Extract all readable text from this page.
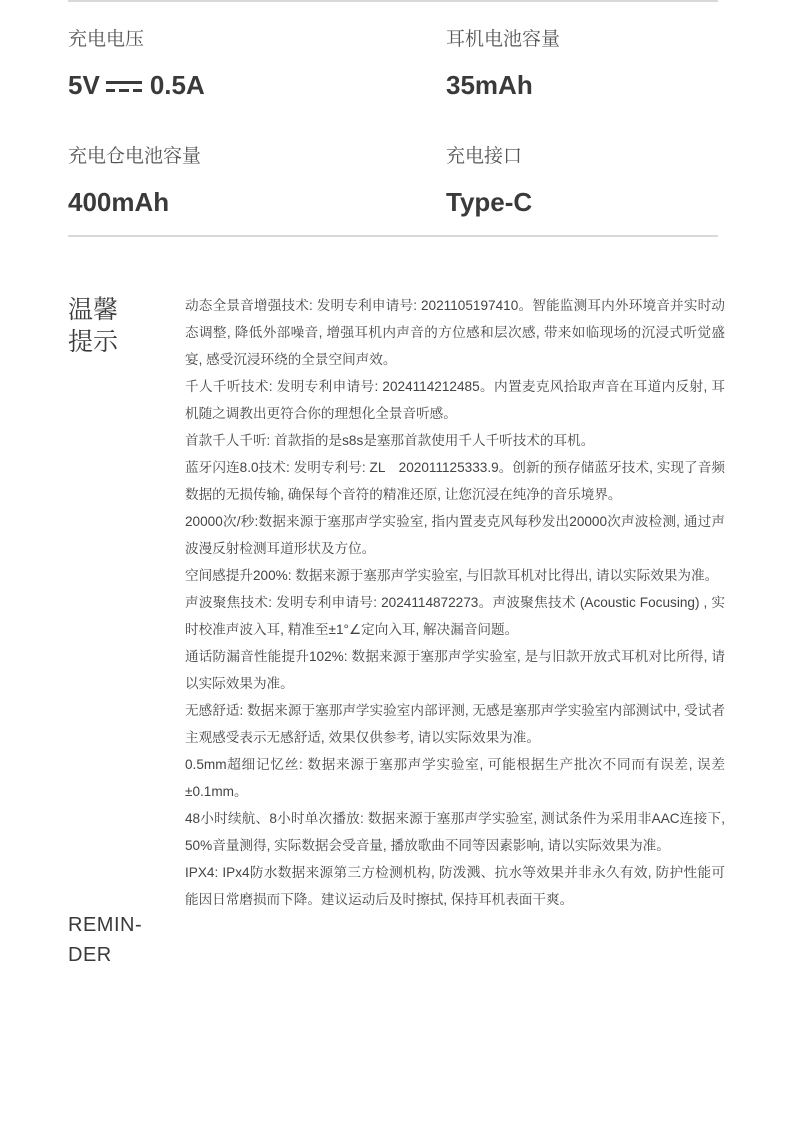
充电电压
5V 0.5A
耳机电池容量
35mAh
充电仓电池容量
400mAh
充电接口
Type-C
温馨
提示
REMIN-
DER

动态全景音增强技术: 发明专利申请号: 2021105197410。智能监测耳内外环境音并实时动态调整, 降低外部噪音, 增强耳机内声音的方位感和层次感, 带来如临现场的沉浸式听觉盛宴, 感受沉浸环绕的全景空间声效。

千人千听技术: 发明专利申请号: 2024114212485。内置麦克风拾取声音在耳道内反射, 耳机随之调教出更符合你的理想化全景音听感。

首款千人千听: 首款指的是s8s是塞那首款使用千人千听技术的耳机。

蓝牙闪连8.0技术: 发明专利号: ZL　202011125333.9。创新的预存储蓝牙技术, 实现了音频数据的无损传输, 确保每个音符的精准还原, 让您沉浸在纯净的音乐境界。

20000次/秒:数据来源于塞那声学实验室, 指内置麦克风每秒发出20000次声波检测, 通过声波漫反射检测耳道形状及方位。

空间感提升200%: 数据来源于塞那声学实验室, 与旧款耳机对比得出, 请以实际效果为准。

声波聚焦技术: 发明专利申请号: 2024114872273。声波聚焦技术 (Acoustic Focusing) , 实时校准声波入耳, 精准至±1°∠定向入耳, 解决漏音问题。

通话防漏音性能提升102%: 数据来源于塞那声学实验室, 是与旧款开放式耳机对比所得, 请以实际效果为准。

无感舒适: 数据来源于塞那声学实验室内部评测, 无感是塞那声学实验室内部测试中, 受试者主观感受表示无感舒适, 效果仅供参考, 请以实际效果为准。

0.5mm超细记忆丝: 数据来源于塞那声学实验室, 可能根据生产批次不同而有误差, 误差±0.1mm。

48小时续航、8小时单次播放: 数据来源于塞那声学实验室, 测试条件为采用非AAC连接下, 50%音量测得, 实际数据会受音量, 播放歌曲不同等因素影响, 请以实际效果为准。

IPX4: IPx4防水数据来源第三方检测机构, 防泼溅、抗水等效果并非永久有效, 防护性能可能因日常磨损而下降。建议运动后及时擦拭, 保持耳机表面干爽。
